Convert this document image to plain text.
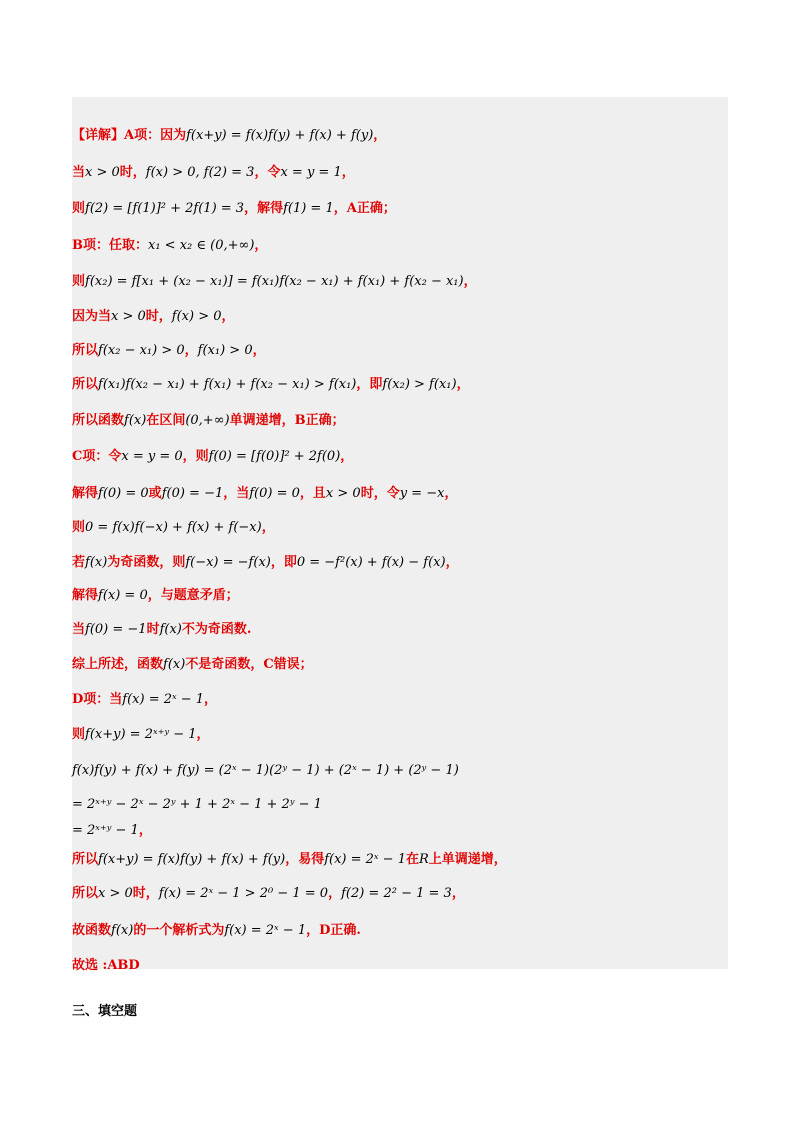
【详解】A项：因为f(x+y) = f(x)f(y) + f(x) + f(y)，
当x > 0时，f(x) > 0, f(2) = 3，令x = y = 1，
则f(2) = [f(1)]² + 2f(1) = 3，解得f(1) = 1，A正确；
B项：任取：x₁ < x₂ ∈ (0,+∞)，
则f(x₂) = f[x₁ + (x₂ − x₁)] = f(x₁)f(x₂ − x₁) + f(x₁) + f(x₂ − x₁)，
因为当x > 0时，f(x) > 0，
所以f(x₂ − x₁) > 0，f(x₁) > 0，
所以f(x₁)f(x₂ − x₁) + f(x₁) + f(x₂ − x₁) > f(x₁)，即f(x₂) > f(x₁)，
所以函数f(x)在区间(0,+∞)单调递增，B正确；
C项：令x = y = 0，则f(0) = [f(0)]² + 2f(0)，
解得f(0) = 0或f(0) = −1，当f(0) = 0，且x > 0时，令y = −x，
则0 = f(x)f(−x) + f(x) + f(−x)，
若f(x)为奇函数，则f(−x) = −f(x)，即0 = −f²(x) + f(x) − f(x)，
解得f(x) = 0，与题意矛盾；
当f(0) = −1时f(x)不为奇函数.
综上所述，函数f(x)不是奇函数，C错误；
D项：当f(x) = 2ˣ − 1，
则f(x+y) = 2ˣ⁺ʸ − 1，
f(x)f(y) + f(x) + f(y) = (2ˣ − 1)(2ʸ − 1) + (2ˣ − 1) + (2ʸ − 1)
= 2ˣ⁺ʸ − 2ˣ − 2ʸ + 1 + 2ˣ − 1 + 2ʸ − 1
= 2ˣ⁺ʸ − 1，
所以f(x+y) = f(x)f(y) + f(x) + f(y)，易得f(x) = 2ˣ − 1在R上单调递增，
所以x > 0时，f(x) = 2ˣ − 1 > 2⁰ − 1 = 0，f(2) = 2² − 1 = 3，
故函数f(x)的一个解析式为f(x) = 2ˣ − 1，D正确.
故选 :ABD
三、填空题
